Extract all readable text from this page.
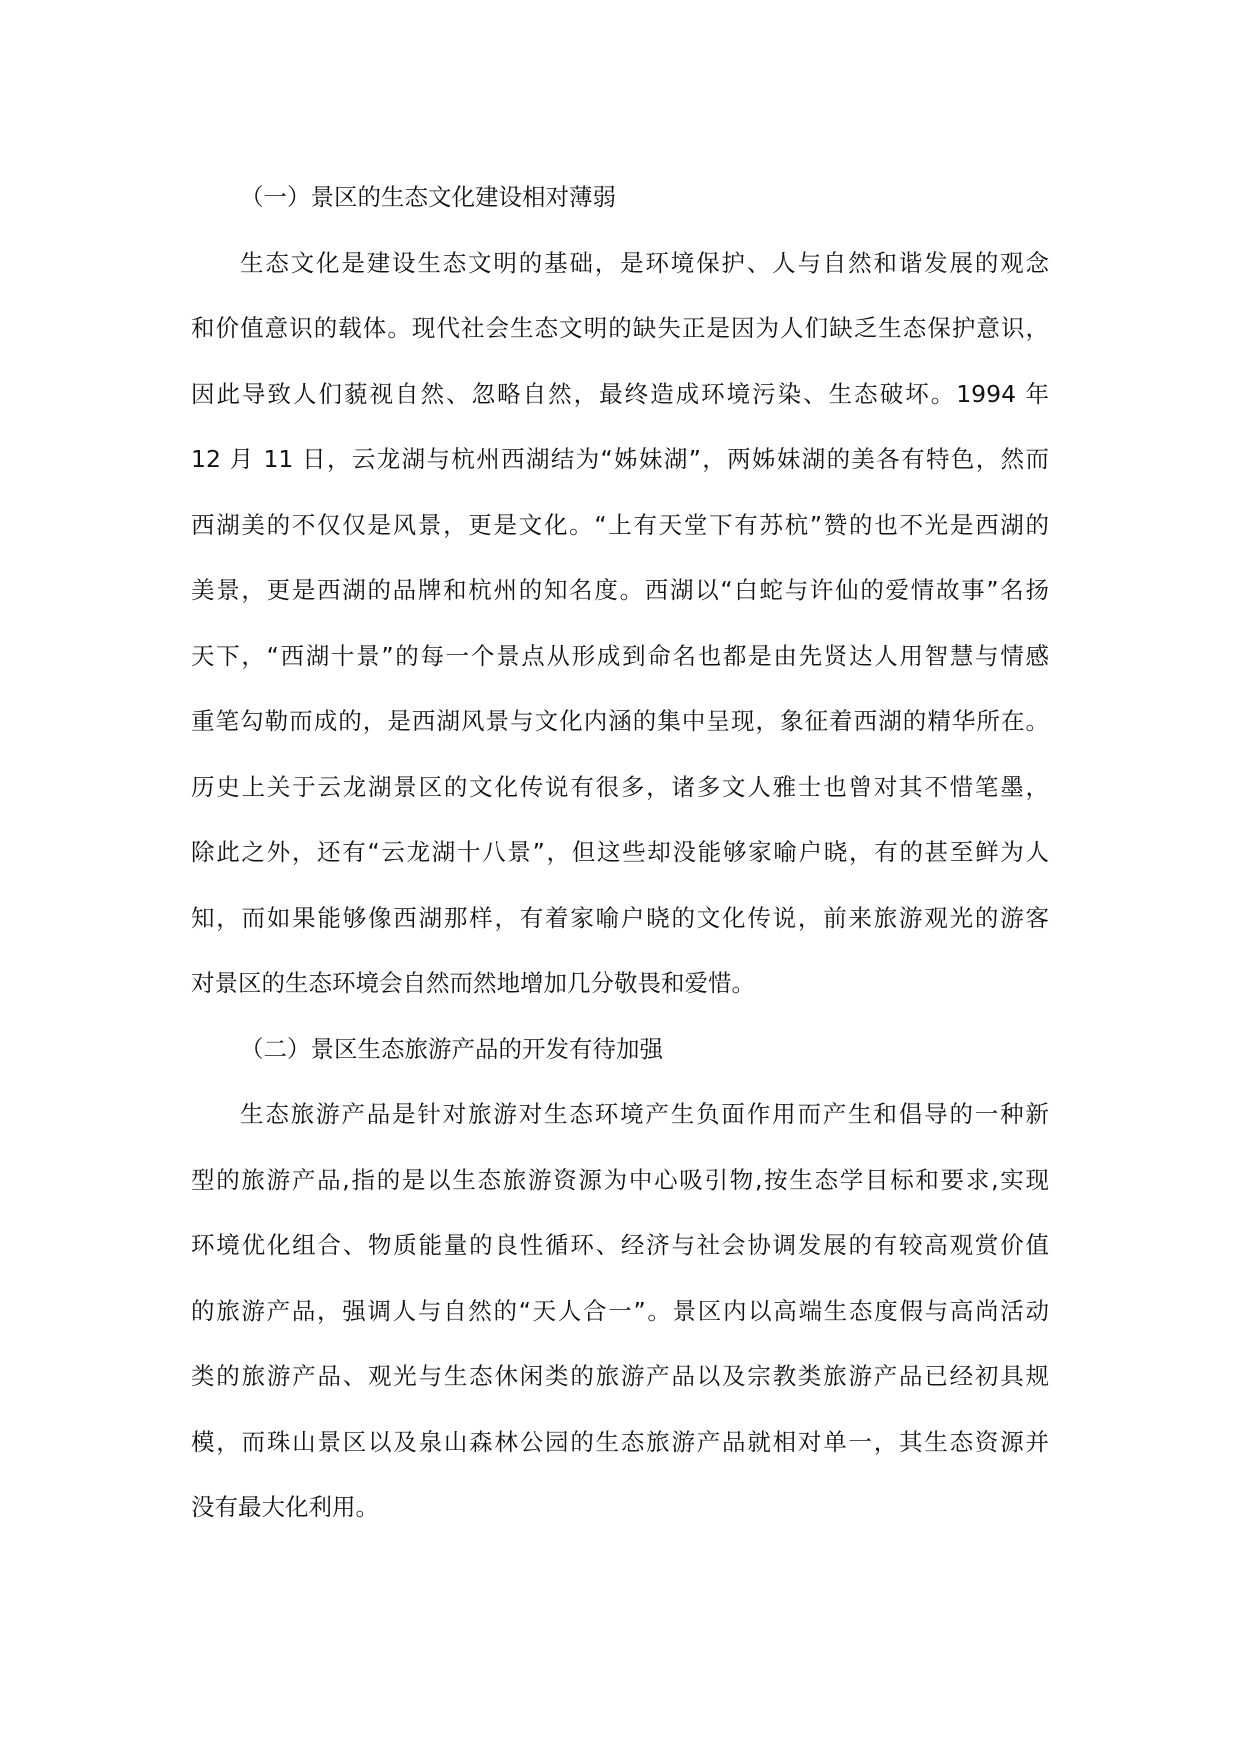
（一）景区的生态文化建设相对薄弱
生态文化是建设生态文明的基础，是环境保护、人与自然和谐发展的观念
和价值意识的载体。现代社会生态文明的缺失正是因为人们缺乏生态保护意识，
因此导致人们藐视自然、忽略自然，最终造成环境污染、生态破坏。1994 年
12 月 11 日，云龙湖与杭州西湖结为“姊妹湖”，两姊妹湖的美各有特色，然而
西湖美的不仅仅是风景，更是文化。“上有天堂下有苏杭”赞的也不光是西湖的
美景，更是西湖的品牌和杭州的知名度。西湖以“白蛇与许仙的爱情故事”名扬
天下，“西湖十景”的每一个景点从形成到命名也都是由先贤达人用智慧与情感
重笔勾勒而成的，是西湖风景与文化内涵的集中呈现，象征着西湖的精华所在。
历史上关于云龙湖景区的文化传说有很多，诸多文人雅士也曾对其不惜笔墨，
除此之外，还有“云龙湖十八景”，但这些却没能够家喻户晓，有的甚至鲜为人
知，而如果能够像西湖那样，有着家喻户晓的文化传说，前来旅游观光的游客
对景区的生态环境会自然而然地增加几分敬畏和爱惜。
（二）景区生态旅游产品的开发有待加强
生态旅游产品是针对旅游对生态环境产生负面作用而产生和倡导的一种新
型的旅游产品,指的是以生态旅游资源为中心吸引物,按生态学目标和要求,实现
环境优化组合、物质能量的良性循环、经济与社会协调发展的有较高观赏价值
的旅游产品，强调人与自然的“天人合一”。景区内以高端生态度假与高尚活动
类的旅游产品、观光与生态休闲类的旅游产品以及宗教类旅游产品已经初具规
模，而珠山景区以及泉山森林公园的生态旅游产品就相对单一，其生态资源并
没有最大化利用。
